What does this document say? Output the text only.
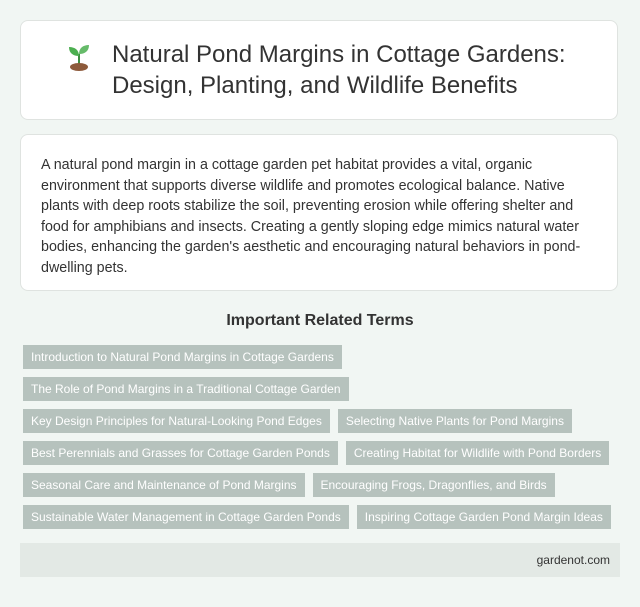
Natural Pond Margins in Cottage Gardens: Design, Planting, and Wildlife Benefits

A natural pond margin in a cottage garden pet habitat provides a vital, organic environment that supports diverse wildlife and promotes ecological balance. Native plants with deep roots stabilize the soil, preventing erosion while offering shelter and food for amphibians and insects. Creating a gently sloping edge mimics natural water bodies, enhancing the garden's aesthetic and encouraging natural behaviors in pond-dwelling pets.

Important Related Terms
Introduction to Natural Pond Margins in Cottage Gardens
The Role of Pond Margins in a Traditional Cottage Garden
Key Design Principles for Natural-Looking Pond Edges	Selecting Native Plants for Pond Margins
Best Perennials and Grasses for Cottage Garden Ponds	Creating Habitat for Wildlife with Pond Borders
Seasonal Care and Maintenance of Pond Margins	Encouraging Frogs, Dragonflies, and Birds
Sustainable Water Management in Cottage Garden Ponds	Inspiring Cottage Garden Pond Margin Ideas
gardenot.com
